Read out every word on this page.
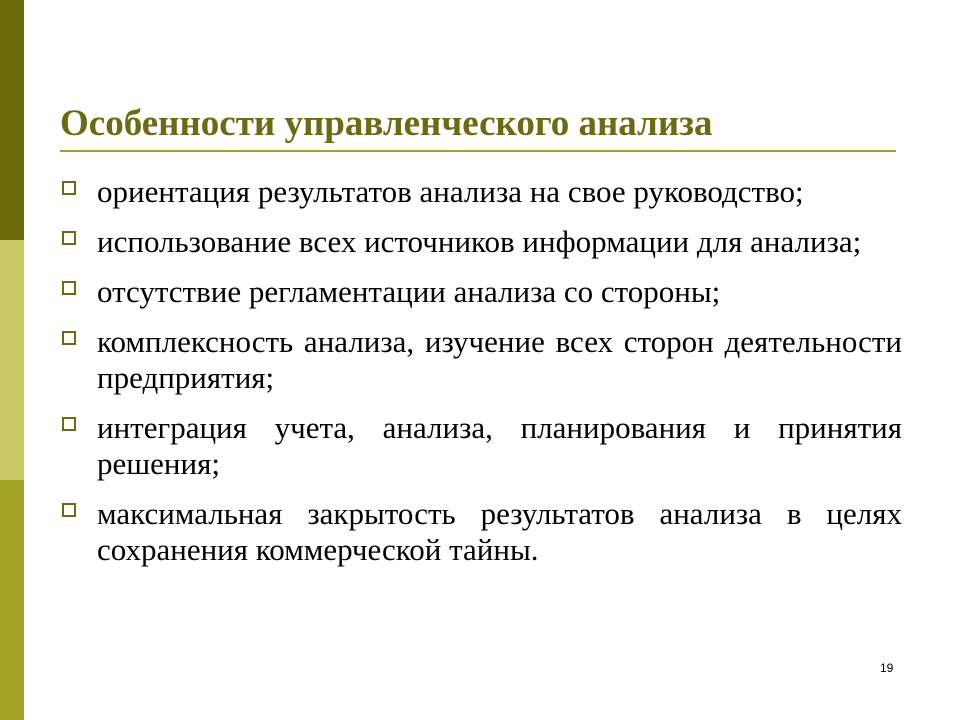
Особенности управленческого анализа
ориентация результатов анализа на свое руководство;
использование всех источников информации для анализа;
отсутствие регламентации анализа со стороны;
комплексность анализа, изучение всех сторон деятельности предприятия;
интеграция учета, анализа, планирования и принятия решения;
максимальная закрытость результатов анализа в целях сохранения коммерческой тайны.
19
